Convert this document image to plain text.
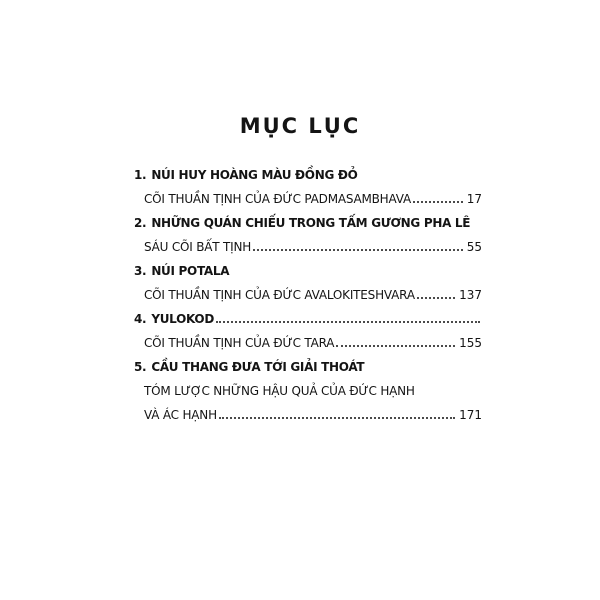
MỤC LỤC
1. NÚI HUY HOÀNG MÀU ĐỒNG ĐỎ
CÕI THUẦN TỊNH CỦA ĐỨC PADMASAMBHAVA	17
2. NHỮNG QUÁN CHIẾU TRONG TẤM GƯƠNG PHA LÊ
SÁU CÕI BẤT TỊNH	55
3. NÚI POTALA
CÕI THUẦN TỊNH CỦA ĐỨC AVALOKITESHVARA	137
4. YULOKOD
CÕI THUẦN TỊNH CỦA ĐỨC TARA	155
5. CẦU THANG ĐƯA TỚI GIẢI THOÁT
TÓM LƯỢC NHỮNG HẬU QUẢ CỦA ĐỨC HẠNH
VÀ ÁC HẠNH	171
